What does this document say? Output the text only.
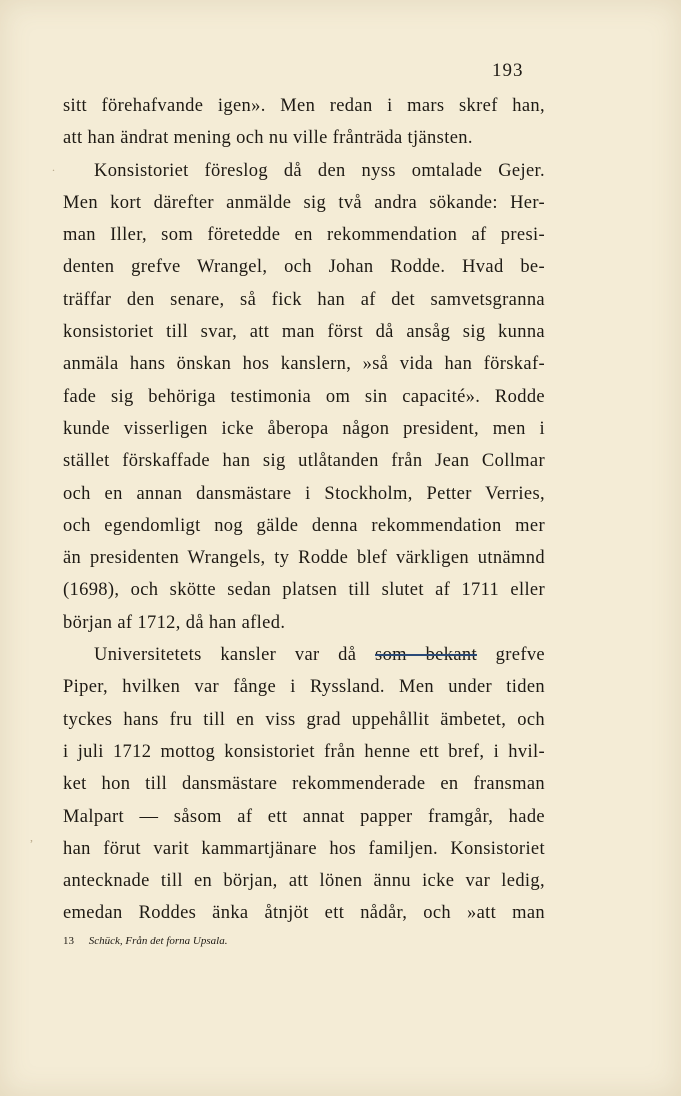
193
sitt förehafvande igen». Men redan i mars skref han,
att han ändrat mening och nu ville frånträda tjänsten.
Konsistoriet föreslog då den nyss omtalade Gejer.
Men kort därefter anmälde sig två andra sökande: Her-
man Iller, som företedde en rekommendation af presi-
denten grefve Wrangel, och Johan Rodde. Hvad be-
träffar den senare, så fick han af det samvetsgranna
konsistoriet till svar, att man först då ansåg sig kunna
anmäla hans önskan hos kanslern, »så vida han förskaf-
fade sig behöriga testimonia om sin capacité». Rodde
kunde visserligen icke åberopa någon president, men i
stället förskaffade han sig utlåtanden från Jean Collmar
och en annan dansmästare i Stockholm, Petter Verries,
och egendomligt nog gälde denna rekommendation mer
än presidenten Wrangels, ty Rodde blef värkligen utnämnd
(1698), och skötte sedan platsen till slutet af 1711 eller
början af 1712, då han afled.
Universitetets kansler var då som bekant grefve
Piper, hvilken var fånge i Ryssland. Men under tiden
tyckes hans fru till en viss grad uppehållit ämbetet, och
i juli 1712 mottog konsistoriet från henne ett bref, i hvil-
ket hon till dansmästare rekommenderade en fransman
Malpart — såsom af ett annat papper framgår, hade
han förut varit kammartjänare hos familjen. Konsistoriet
antecknade till en början, att lönen ännu icke var ledig,
emedan Roddes änka åtnjöt ett nådår, och »att man
13 Schück, Från det forna Upsala.
.
,
